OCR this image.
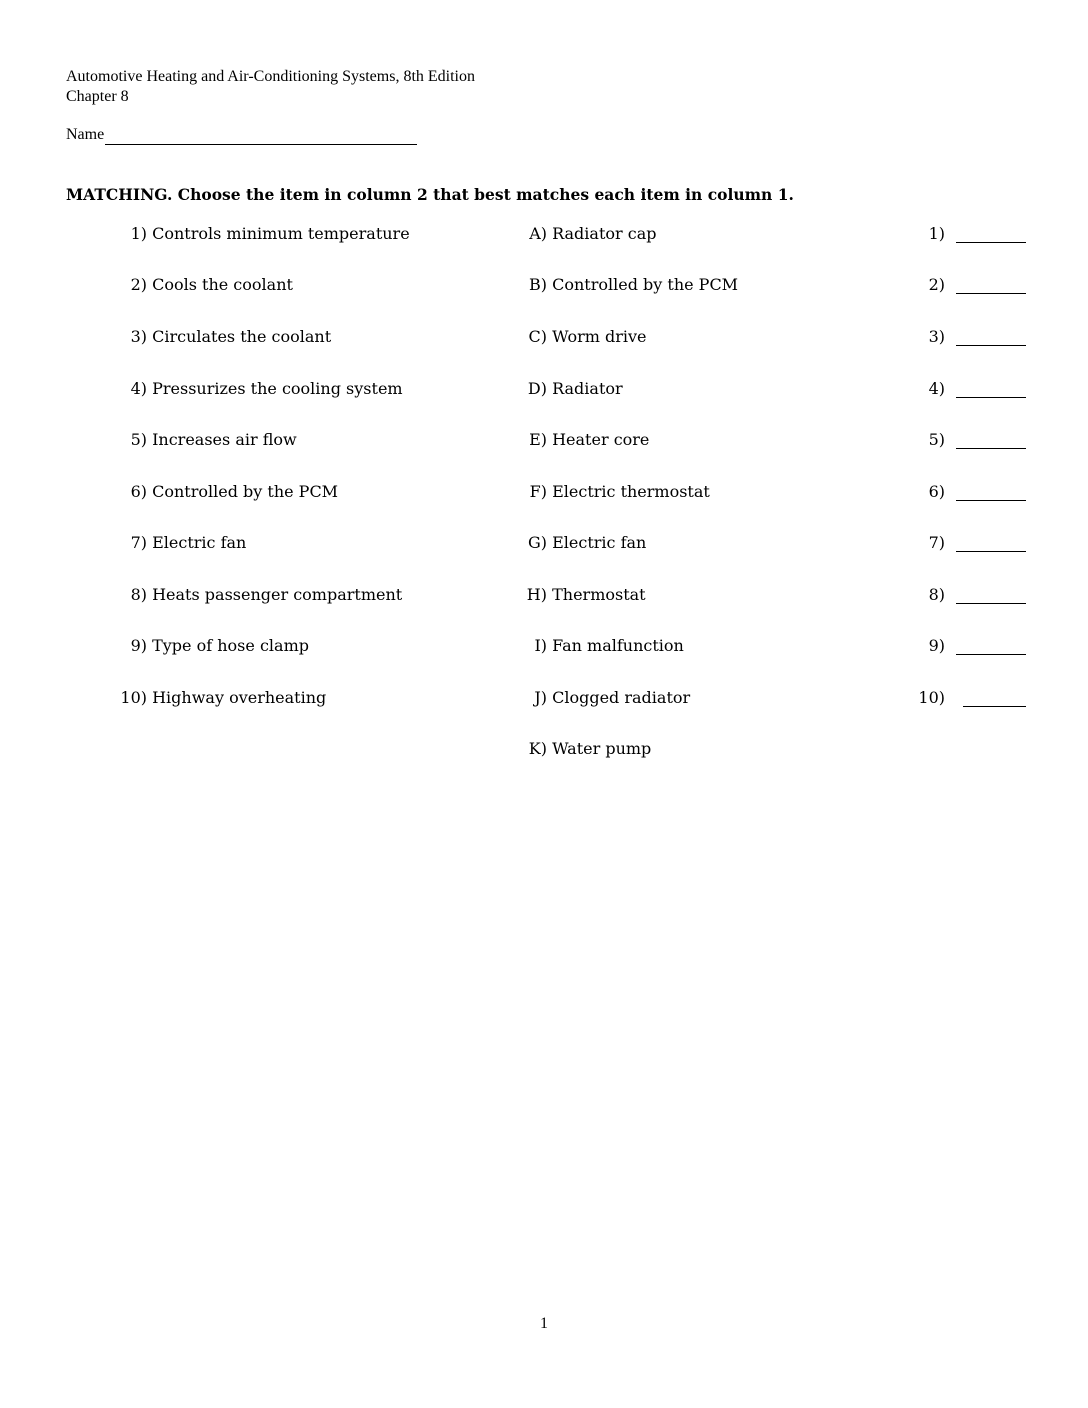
Automotive Heating and Air-Conditioning Systems, 8th Edition
Chapter 8
Name
MATCHING. Choose the item in column 2 that best matches each item in column 1.
1) Controls minimum temperature	A) Radiator cap	1)
2) Cools the coolant	B) Controlled by the PCM	2)
3) Circulates the coolant	C) Worm drive	3)
4) Pressurizes the cooling system	D) Radiator	4)
5) Increases air flow	E) Heater core	5)
6) Controlled by the PCM	F) Electric thermostat	6)
7) Electric fan	G) Electric fan	7)
8) Heats passenger compartment	H) Thermostat	8)
9) Type of hose clamp	I) Fan malfunction	9)
10) Highway overheating	J) Clogged radiator	10)
K) Water pump
1
